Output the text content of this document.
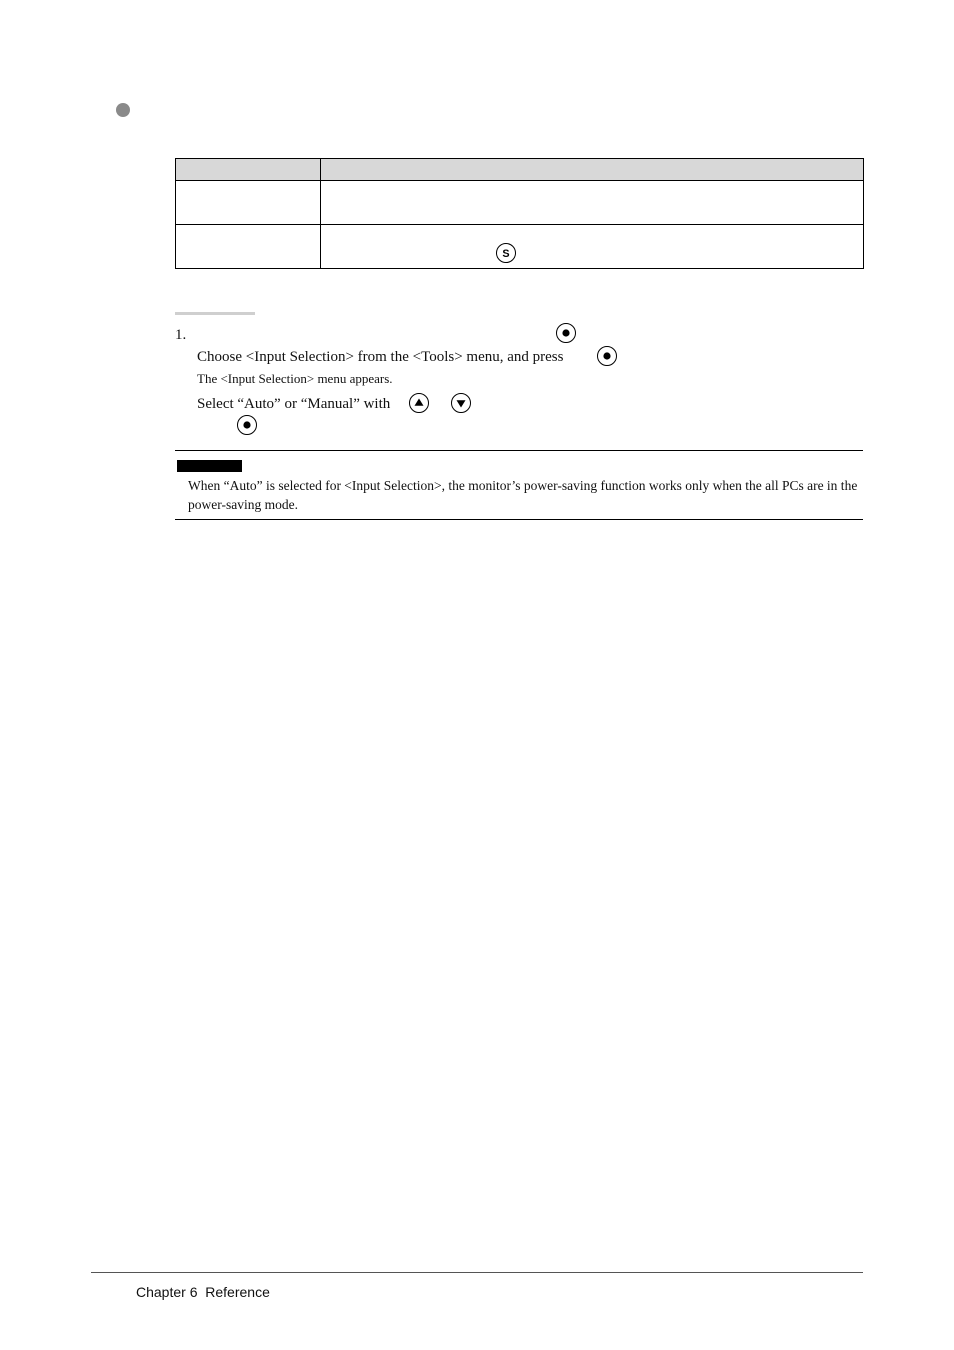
S
1.
Choose <Input Selection> from the <Tools> menu, and press
The <Input Selection> menu appears.
Select “Auto” or “Manual” with
When “Auto” is selected for <Input Selection>, the monitor’s power-saving function works only when the all PCs are in the power-saving mode.
Chapter 6  Reference
